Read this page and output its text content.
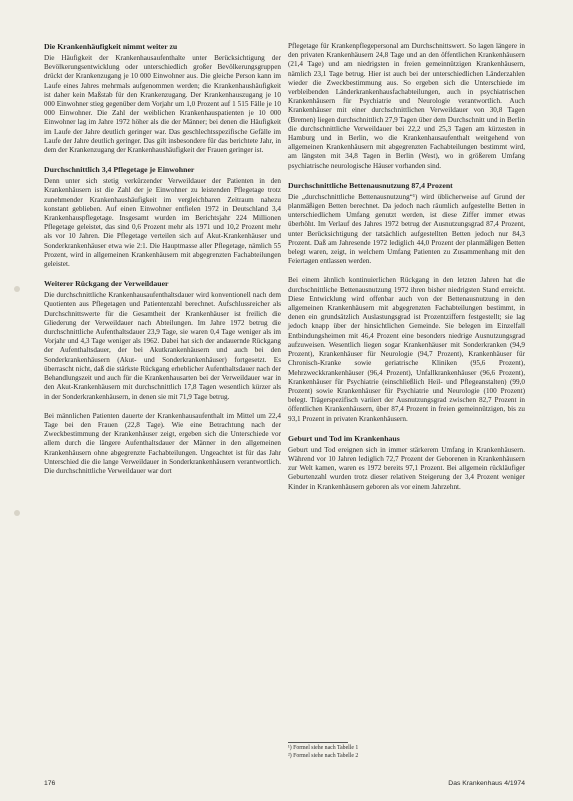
Die Krankenhäufigkeit nimmt weiter zu
Die Häufigkeit der Krankenhausaufenthalte unter Berücksichtigung der Bevölkerungsentwicklung oder unterschiedlich großer Bevölkerungsgruppen drückt der Krankenzugang je 10 000 Einwohner aus. Die gleiche Person kann im Laufe eines Jahres mehrmals aufgenommen werden; die Krankenhaushäufigkeit ist daher kein Maßstab für den Krankenzugang. Der Krankenhauszugang je 10 000 Einwohner stieg gegenüber dem Vorjahr um 1,0 Prozent auf 1 515 Fälle je 10 000 Einwohner. Die Zahl der weiblichen Krankenhauspatienten je 10 000 Einwohner lag im Jahre 1972 höher als die der Männer; bei denen die Häufigkeit im Laufe der Jahre deutlich geringer war. Das geschlechtsspezifische Gefälle im Laufe der Jahre deutlich geringer. Das gilt insbesondere für das berichtete Jahr, in dem der Krankenzugang der Krankenhaushäufigkeit der Frauen geringer ist.
Durchschnittlich 3,4 Pflegetage je Einwohner
Denn unter sich stetig verkürzender Verweildauer der Patienten in den Krankenhäusern ist die Zahl der je Einwohner zu leistenden Pflegetage trotz zunehmender Krankenhaushäufigkeit im vergleichbaren Zeitraum nahezu konstant geblieben. Auf einen Einwohner entfielen 1972 in Deutschland 3,4 Krankenhauspflegetage. Insgesamt wurden im Berichtsjahr 224 Millionen Pflegetage geleistet, das sind 0,6 Prozent mehr als 1971 und 10,2 Prozent mehr als vor 10 Jahren. Die Pflegetage verteilen sich auf Akut-Krankenhäuser und Sonderkrankenhäuser etwa wie 2:1. Die Hauptmasse aller Pflegetage, nämlich 55 Prozent, wird in allgemeinen Krankenhäusern mit abgegrenzten Fachabteilungen geleistet.
Weiterer Rückgang der Verweildauer
Die durchschnittliche Krankenhausaufenthaltsdauer wird konventionell nach dem Quotienten aus Pflegetagen und Patientenzahl berechnet. Aufschlussreicher als Durchschnittswerte für die Gesamtheit der Krankenhäuser ist freilich die Gliederung der Verweildauer nach Abteilungen. Im Jahre 1972 betrug die durchschnittliche Aufenthaltsdauer 23,9 Tage, sie waren 0,4 Tage weniger als im Vorjahr und 4,3 Tage weniger als 1962. Dabei hat sich der andauernde Rückgang der Aufenthaltsdauer, der bei Akutkrankenhäusern und auch bei den Sonderkrankenhäusern (Akut- und Sonderkrankenhäuser) fortgesetzt. Es überrascht nicht, daß die stärkste Rückgang erheblicher Aufenthaltsdauer nach der Behandlungszeit und auch für die Krankenhausarten bei der Verweildauer war in den Akut-Krankenhäusern mit durchschnittlich 17,8 Tagen wesentlich kürzer als in der Sonderkrankenhäusern, in denen sie mit 71,9 Tage betrug.
Bei männlichen Patienten dauerte der Krankenhausaufenthalt im Mittel um 22,4 Tage bei den Frauen (22,8 Tage). Wie eine Betrachtung nach der Zweckbestimmung der Krankenhäuser zeigt, ergeben sich die Unterschiede vor allem durch die längere Aufenthaltsdauer der Männer in den allgemeinen Krankenhäusern ohne abgegrenzte Fachabteilungen. Ungeachtet ist für das Jahr Unterschied die die lange Verweildauer in Sonderkrankenhäusern verantwortlich. Die durchschnittliche Verweildauer war dort
Pflegetage für Krankenpflegepersonal am Durchschnittswert. So lagen längere in den privaten Krankenhäusern 24,8 Tage und an den öffentlichen Krankenhäusern (21,4 Tage) und am niedrigsten in freien gemeinnützigen Krankenhäusern, nämlich 23,1 Tage betrug. Hier ist auch bei der unterschiedlichen Länderzahlen wieder die Zweckbestimmung aus. So ergeben sich die Unterschiede im verbleibenden Länderkrankenhausfachabteilungen, auch in psychiatrischen Krankenhäusern für Psychiatrie und Neurologie verantwortlich. Auch Krankenhäuser mit einer durchschnittlichen Verweildauer von 30,8 Tagen (Bremen) liegen durchschnittlich 27,9 Tagen über dem Durchschnitt und in Berlin die durchschnittliche Verweildauer bei 22,2 und 25,3 Tagen am kürzesten in Hamburg und in Berlin, wo die Krankenhausaufenthalt weitgehend von allgemeinen Krankenhäusern mit abgegrenzten Fachabteilungen bestimmt wird, am längsten mit 34,8 Tagen in Berlin (West), wo in größerem Umfang psychiatrische neurologische Häuser vorhanden sind.
Durchschnittliche Bettenausnutzung 87,4 Prozent
Die „durchschnittliche Bettenausnutzung“¹) wird üblicherweise auf Grund der planmäßigen Betten berechnet. Da jedoch nach räumlich aufgestellte Betten in unterschiedlichem Umfang genutzt werden, ist diese Ziffer immer etwas überhöht. Im Verlauf des Jahres 1972 betrug der Ausnutzungsgrad 87,4 Prozent, unter Berücksichtigung der tatsächlich aufgestellten Betten jedoch nur 84,3 Prozent. Daß am Jahresende 1972 lediglich 44,0 Prozent der planmäßigen Betten belegt waren, zeigt, in welchem Umfang Patienten zu Zusammenhang mit den Feiertagen entlassen werden.
Bei einem ähnlich kontinuierlichen Rückgang in den letzten Jahren hat die durchschnittliche Bettenausnutzung 1972 ihren bisher niedrigsten Stand erreicht. Diese Entwicklung wird offenbar auch von der Bettenausnutzung in den allgemeinen Krankenhäusern mit abgegrenzten Fachabteilungen bestimmt, in denen ein grundsätzlich Auslastungsgrad ist Prozentziffern festgestellt; sie lag jedoch knapp über der hinsichtlichen Gemeinde. Sie belegen im Einzelfall Entbindungsheimen mit 46,4 Prozent eine besonders niedrige Ausnutzungsgrad aufzuweisen. Wesentlich liegen sogar Krankenhäuser mit Sonderkranken (94,9 Prozent), Krankenhäuser für Neurologie (94,7 Prozent), Krankenhäuser für Chronisch-Kranke sowie geriatrische Kliniken (95,6 Prozent), Mehrzweckkrankenhäuser (96,4 Prozent), Unfallkrankenhäuser (96,6 Prozent), Krankenhäuser für Psychiatrie (einschließlich Heil- und Pflegeanstalten) (99,0 Prozent) sowie Krankenhäuser für Psychiatrie und Neurologie (100 Prozent) belegt. Trägerspezifisch variiert der Ausnutzungsgrad zwischen 82,7 Prozent in öffentlichen Krankenhäusern, über 87,4 Prozent in freien gemeinnützigen, bis zu 93,1 Prozent in privaten Krankenhäusern.
Geburt und Tod im Krankenhaus
Geburt und Tod ereignen sich in immer stärkerem Umfang in Krankenhäusern. Während vor 10 Jahren lediglich 72,7 Prozent der Geborenen in Krankenhäusern zur Welt kamen, waren es 1972 bereits 97,1 Prozent. Bei allgemein rückläufiger Geburtenzahl wurden trotz dieser relativen Steigerung der 3,4 Prozent weniger Kinder in Krankenhäusern geboren als vor einem Jahrzehnt.
¹) Formel siehe nach Tabelle 1
²) Formel siehe nach Tabelle 2
176	Das Krankenhaus 4/1974
